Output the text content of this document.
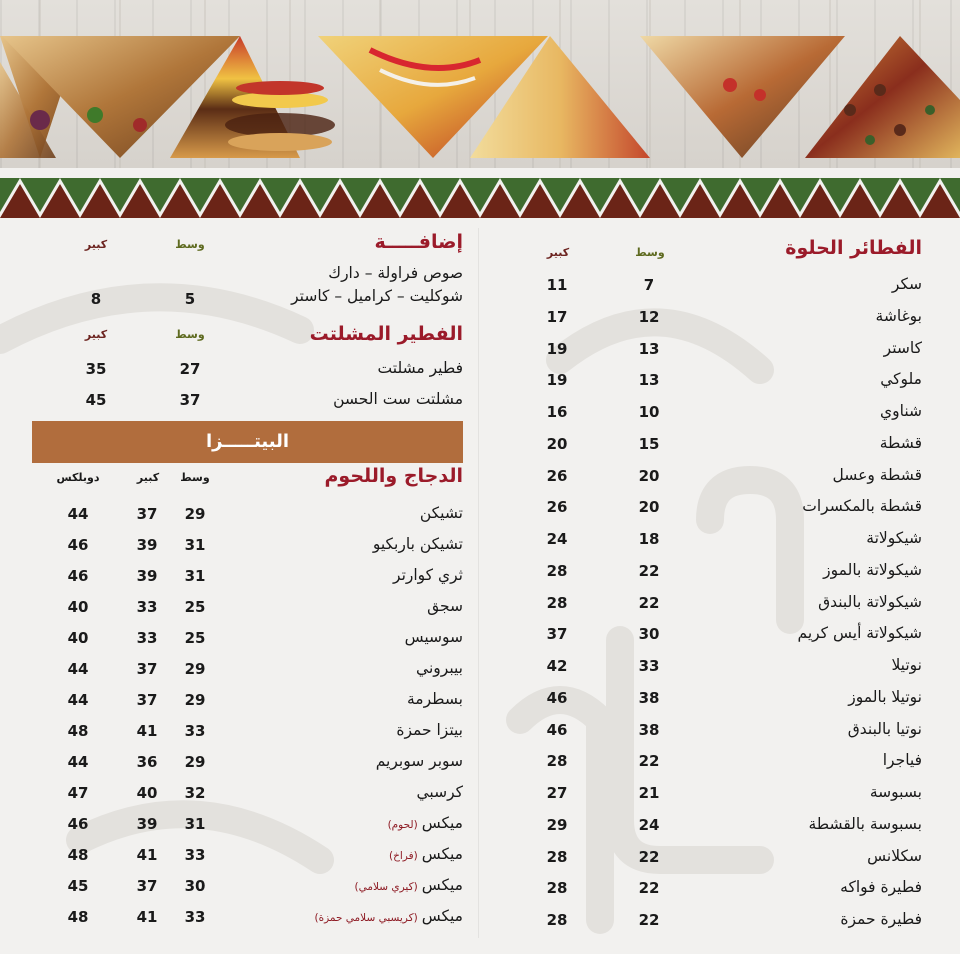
الفطائر الحلوة
وسط
كبير
سكر
7
11
بوغاشة
12
17
كاستر
13
19
ملوكي
13
19
شناوي
10
16
قشطة
15
20
قشطة وعسل
20
26
قشطة بالمكسرات
20
26
شيكولاتة
18
24
شيكولاتة بالموز
22
28
شيكولاتة بالبندق
22
28
شيكولاتة أيس كريم
30
37
نوتيلا
33
42
نوتيلا بالموز
38
46
نوتيا بالبندق
38
46
فياجرا
22
28
بسبوسة
21
27
بسبوسة بالقشطة
24
29
سكلانس
22
28
فطيرة فواكه
22
28
فطيرة حمزة
22
28
إضافـــــة
وسط
كبير
صوص فراولة – دارك
شوكليت – كراميل – كاستر
5
8
الفطير المشلتت
وسط
كبير
فطير مشلتت
27
35
مشلتت ست الحسن
37
45
البيتـــــزا
الدجاج واللحوم
وسط
كبير
دوبلكس
تشيكن
29
37
44
تشيكن باربكيو
31
39
46
ثري كوارتر
31
39
46
سجق
25
33
40
سوسيس
25
33
40
بيبروني
29
37
44
بسطرمة
29
37
44
بيتزا حمزة
33
41
48
سوبر سوبريم
29
36
44
كرسبي
32
40
47
ميكس(لحوم)
31
39
46
ميكس(فراخ)
33
41
48
ميكس(كيري سلامي)
30
37
45
ميكس(كريسبي سلامي حمزة)
33
41
48
